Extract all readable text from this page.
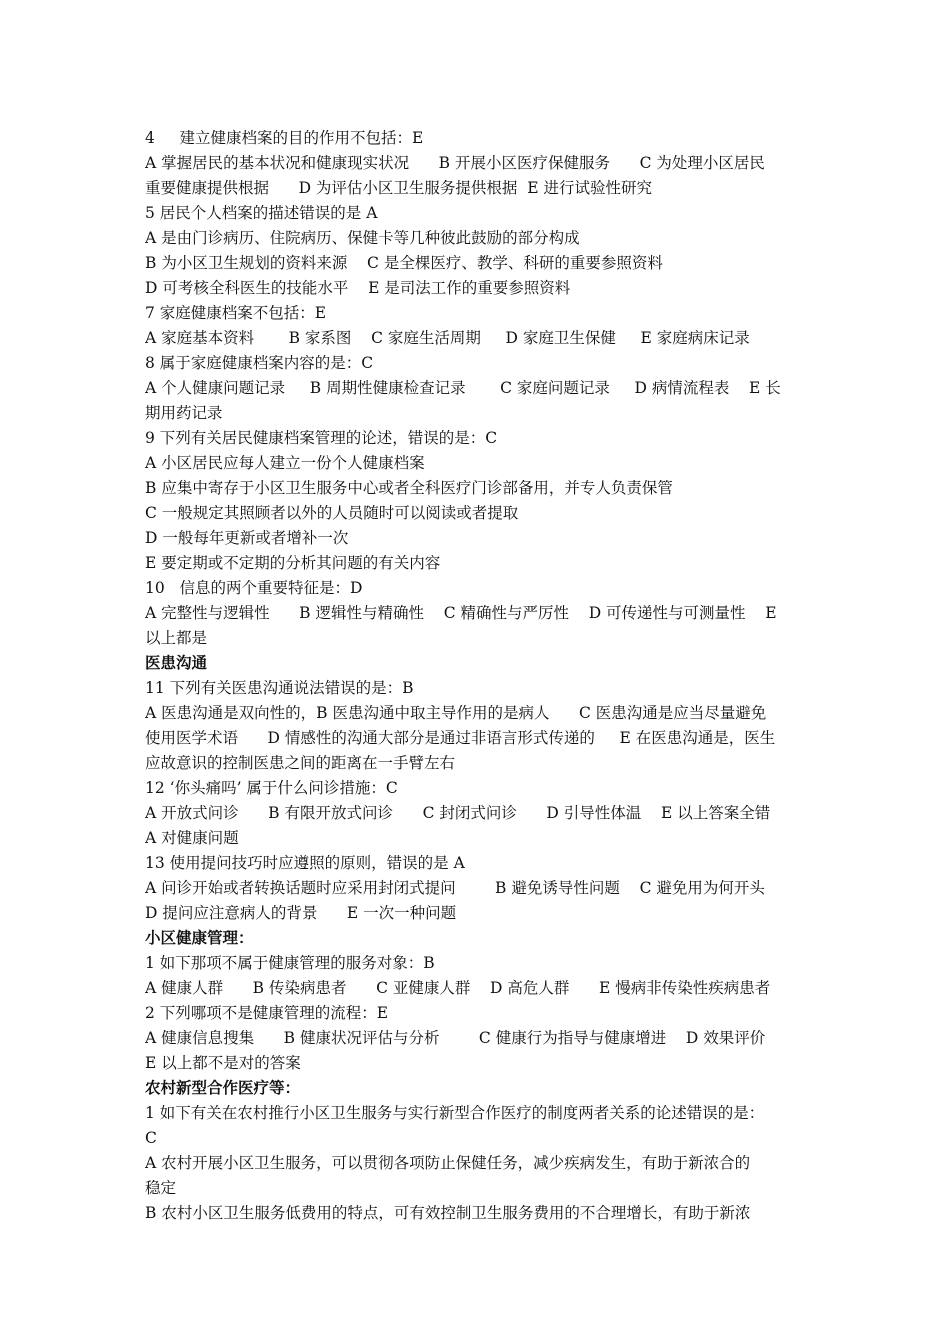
4     建立健康档案的目的作用不包括：E
A 掌握居民的基本状况和健康现实状况      B 开展小区医疗保健服务      C 为处理小区居民
重要健康提供根据      D 为评估小区卫生服务提供根据  E 进行试验性研究
5 居民个人档案的描述错误的是 A
A 是由门诊病历、住院病历、保健卡等几种彼此鼓励的部分构成
B 为小区卫生规划的资料来源    C 是全棵医疗、教学、科研的重要参照资料
D 可考核全科医生的技能水平    E 是司法工作的重要参照资料
7 家庭健康档案不包括：E
A 家庭基本资料       B 家系图    C 家庭生活周期     D 家庭卫生保健     E 家庭病床记录
8 属于家庭健康档案内容的是：C
A 个人健康问题记录     B 周期性健康检查记录       C 家庭问题记录     D 病情流程表    E 长
期用药记录
9 下列有关居民健康档案管理的论述，错误的是：C
A 小区居民应每人建立一份个人健康档案
B 应集中寄存于小区卫生服务中心或者全科医疗门诊部备用，并专人负责保管
C 一般规定其照顾者以外的人员随时可以阅读或者提取
D 一般每年更新或者增补一次
E 要定期或不定期的分析其问题的有关内容
10   信息的两个重要特征是：D
A 完整性与逻辑性      B 逻辑性与精确性    C 精确性与严厉性    D 可传递性与可测量性    E
以上都是
医患沟通
11 下列有关医患沟通说法错误的是：B
A 医患沟通是双向性的，B 医患沟通中取主导作用的是病人      C 医患沟通是应当尽量避免
使用医学术语      D 情感性的沟通大部分是通过非语言形式传递的     E 在医患沟通是，医生
应故意识的控制医患之间的距离在一手臂左右
12 ‘你头痛吗’ 属于什么问诊措施：C
A 开放式问诊      B 有限开放式问诊      C 封闭式问诊      D 引导性体温    E 以上答案全错
A 对健康问题
13 使用提问技巧时应遵照的原则，错误的是 A
A 问诊开始或者转换话题时应采用封闭式提问        B 避免诱导性问题    C 避免用为何开头
D 提问应注意病人的背景      E 一次一种问题
小区健康管理：
1 如下那项不属于健康管理的服务对象：B
A 健康人群      B 传染病患者      C 亚健康人群    D 高危人群      E 慢病非传染性疾病患者
2 下列哪项不是健康管理的流程：E
A 健康信息搜集      B 健康状况评估与分析        C 健康行为指导与健康增进    D 效果评价
E 以上都不是对的答案
农村新型合作医疗等：
1 如下有关在农村推行小区卫生服务与实行新型合作医疗的制度两者关系的论述错误的是：
C
A 农村开展小区卫生服务，可以贯彻各项防止保健任务，减少疾病发生，有助于新浓合的
稳定
B 农村小区卫生服务低费用的特点，可有效控制卫生服务费用的不合理增长，有助于新浓
